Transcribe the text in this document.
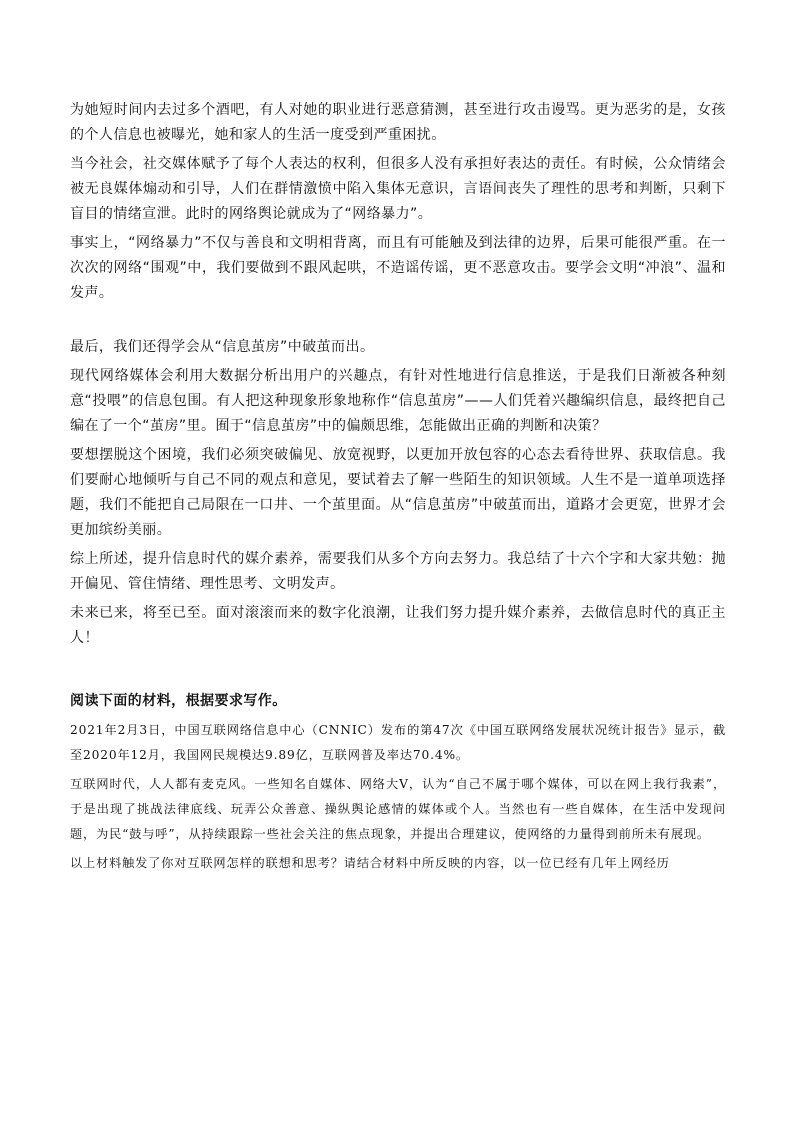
为她短时间内去过多个酒吧，有人对她的职业进行恶意猜测，甚至进行攻击谩骂。更为恶劣的是，女孩的个人信息也被曝光，她和家人的生活一度受到严重困扰。

当今社会，社交媒体赋予了每个人表达的权利，但很多人没有承担好表达的责任。有时候，公众情绪会被无良媒体煽动和引导，人们在群情激愤中陷入集体无意识，言语间丧失了理性的思考和判断，只剩下盲目的情绪宣泄。此时的网络舆论就成为了“网络暴力”。

事实上，“网络暴力”不仅与善良和文明相背离，而且有可能触及到法律的边界，后果可能很严重。在一次次的网络“围观”中，我们要做到不跟风起哄，不造谣传谣，更不恶意攻击。要学会文明“冲浪”、温和发声。

最后，我们还得学会从“信息茧房”中破茧而出。

现代网络媒体会利用大数据分析出用户的兴趣点，有针对性地进行信息推送，于是我们日渐被各种刻意“投喂”的信息包围。有人把这种现象形象地称作“信息茧房”——人们凭着兴趣编织信息，最终把自己编在了一个“茧房”里。囿于“信息茧房”中的偏颇思维，怎能做出正确的判断和决策？

要想摆脱这个困境，我们必须突破偏见、放宽视野，以更加开放包容的心态去看待世界、获取信息。我们要耐心地倾听与自己不同的观点和意见，要试着去了解一些陌生的知识领域。人生不是一道单项选择题，我们不能把自己局限在一口井、一个茧里面。从“信息茧房”中破茧而出，道路才会更宽，世界才会更加缤纷美丽。

综上所述，提升信息时代的媒介素养，需要我们从多个方向去努力。我总结了十六个字和大家共勉：抛开偏见、管住情绪、理性思考、文明发声。

未来已来，将至已至。面对滚滚而来的数字化浪潮，让我们努力提升媒介素养，去做信息时代的真正主人！

阅读下面的材料，根据要求写作。

2021年2月3日，中国互联网络信息中心（CNNIC）发布的第47次《中国互联网络发展状况统计报告》显示，截至2020年12月，我国网民规模达9.89亿，互联网普及率达70.4%。

互联网时代，人人都有麦克风。一些知名自媒体、网络大V，认为“自己不属于哪个媒体，可以在网上我行我素”，于是出现了挑战法律底线、玩弄公众善意、操纵舆论感情的媒体或个人。当然也有一些自媒体，在生活中发现问题，为民“鼓与呼”，从持续跟踪一些社会关注的焦点现象，并提出合理建议，使网络的力量得到前所未有展现。

以上材料触发了你对互联网怎样的联想和思考？请结合材料中所反映的内容，以一位已经有几年上网经历
